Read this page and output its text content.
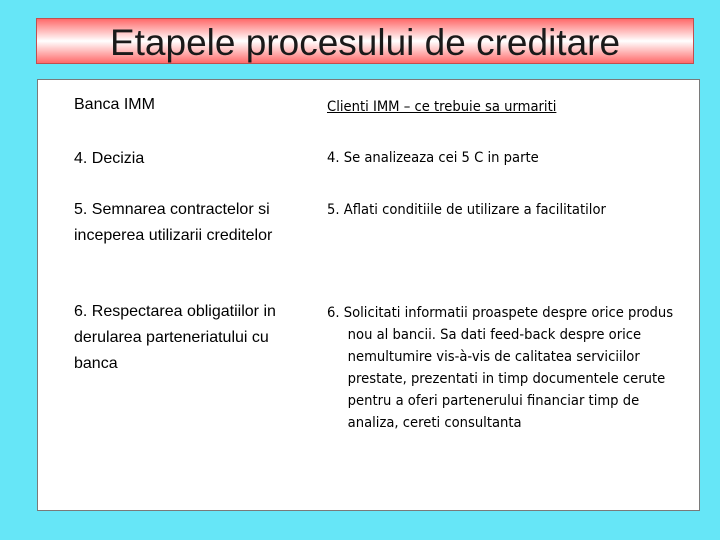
Etapele procesului de creditare
Banca IMM	Clienti IMM – ce trebuie sa urmariti
4. Decizia	4. Se analizeaza cei 5 C in parte
5. Semnarea contractelor si inceperea utilizarii creditelor
5. Aflati conditiile de utilizare a facilitatilor
6. Respectarea obligatiilor in derularea parteneriatului cu banca
6. Solicitati informatii proaspete despre orice produs nou al bancii. Sa dati feed-back despre orice nemultumire vis-à-vis de calitatea serviciilor prestate, prezentati in timp documentele cerute pentru a oferi partenerului financiar timp de analiza, cereti consultanta
